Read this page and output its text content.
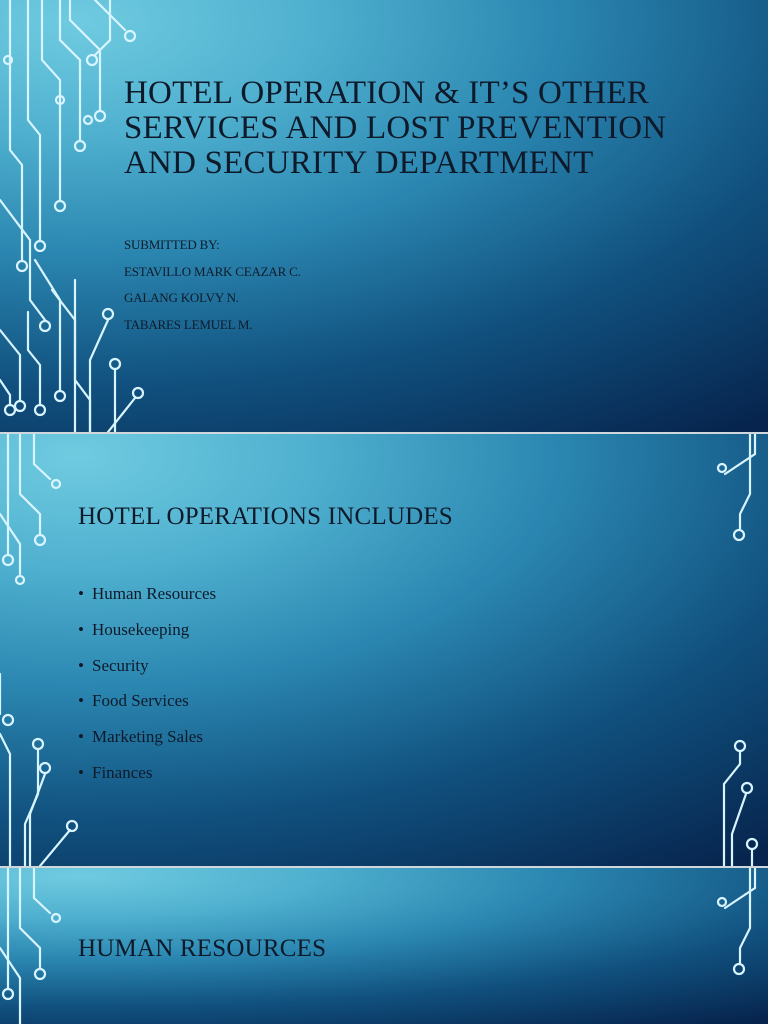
HOTEL OPERATION & IT’S OTHER SERVICES AND LOST PREVENTION AND SECURITY DEPARTMENT
SUBMITTED BY:
ESTAVILLO MARK CEAZAR C.
GALANG KOLVY N.
TABARES LEMUEL M.
HOTEL OPERATIONS INCLUDES
• Human Resources
• Housekeeping
• Security
• Food Services
• Marketing Sales
• Finances
HUMAN RESOURCES
